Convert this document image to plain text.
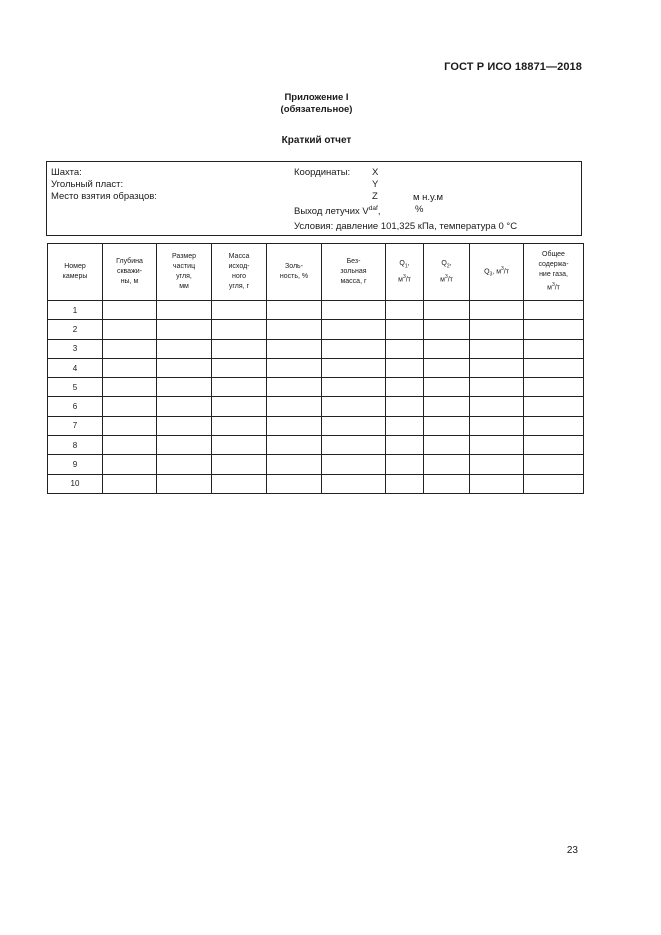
ГОСТ Р ИСО 18871—2018
Приложение I
(обязательное)
Краткий отчет
Шахта:
Угольный пласт:
Место взятия образцов:
Координаты: X
Y
Z	м н.у.м
Выход летучих $V^{daf}$,	%
Условия: давление 101,325 кПа, температура 0 °С
Номер
камеры	Глубина
скважи-
ны, м	Размер
частиц
угля,
мм	Масса
исход-
ного
угля, г	Золь-
ность, %	Без-
зольная
масса, г	$Q_1$,
$м^3/т$	$Q_2$,
$м^3/т$	$Q_3$, $м^3/т$	Общее
содержа-
ние газа,
$м^3/т$
1									
2									
3									
4									
5									
6									
7									
8									
9									
10									
23
